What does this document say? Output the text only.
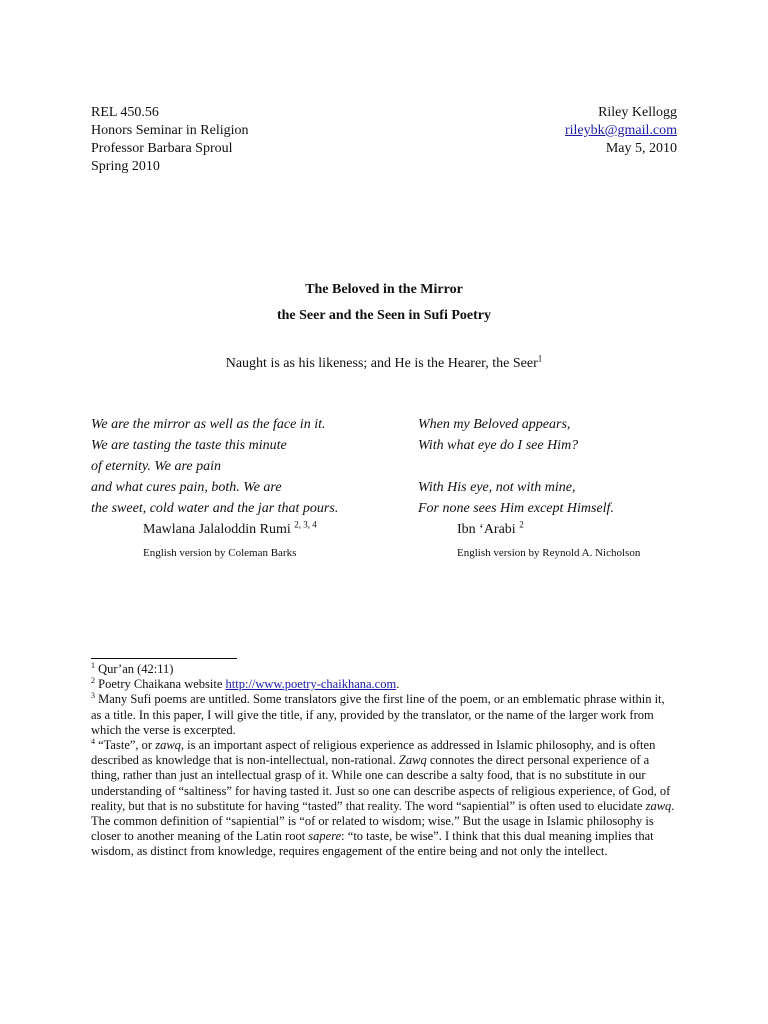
REL 450.56
Honors Seminar in Religion
Professor Barbara Sproul
Spring 2010
Riley Kellogg
rileybk@gmail.com
May 5, 2010
The Beloved in the Mirror
the Seer and the Seen in Sufi Poetry
Naught is as his likeness; and He is the Hearer, the Seer$^1$
We are the mirror as well as the face in it.
We are tasting the taste this minute
of eternity. We are pain
and what cures pain, both. We are
the sweet, cold water and the jar that pours.
When my Beloved appears,
With what eye do I see Him?
With His eye, not with mine,
For none sees Him except Himself.
Mawlana Jalaloddin Rumi $^{2, 3, 4}$
English version by Coleman Barks
Ibn ‘Arabi $^2$
English version by Reynold A. Nicholson

$^1$ Qur’an (42:11)

$^2$ Poetry Chaikana website http://www.poetry-chaikhana.com.

$^3$ Many Sufi poems are untitled. Some translators give the first line of the poem, or an emblematic phrase within it, as a title. In this paper, I will give the title, if any, provided by the translator, or the name of the larger work from which the verse is excerpted.

$^4$ “Taste”, or zawq, is an important aspect of religious experience as addressed in Islamic philosophy, and is often described as knowledge that is non-intellectual, non-rational. Zawq connotes the direct personal experience of a thing, rather than just an intellectual grasp of it. While one can describe a salty food, that is no substitute in our understanding of “saltiness” for having tasted it. Just so one can describe aspects of religious experience, of God, of reality, but that is no substitute for having “tasted” that reality. The word “sapiential” is often used to elucidate zawq. The common definition of “sapiential” is “of or related to wisdom; wise.” But the usage in Islamic philosophy is closer to another meaning of the Latin root sapere: “to taste, be wise”. I think that this dual meaning implies that wisdom, as distinct from knowledge, requires engagement of the entire being and not only the intellect.
